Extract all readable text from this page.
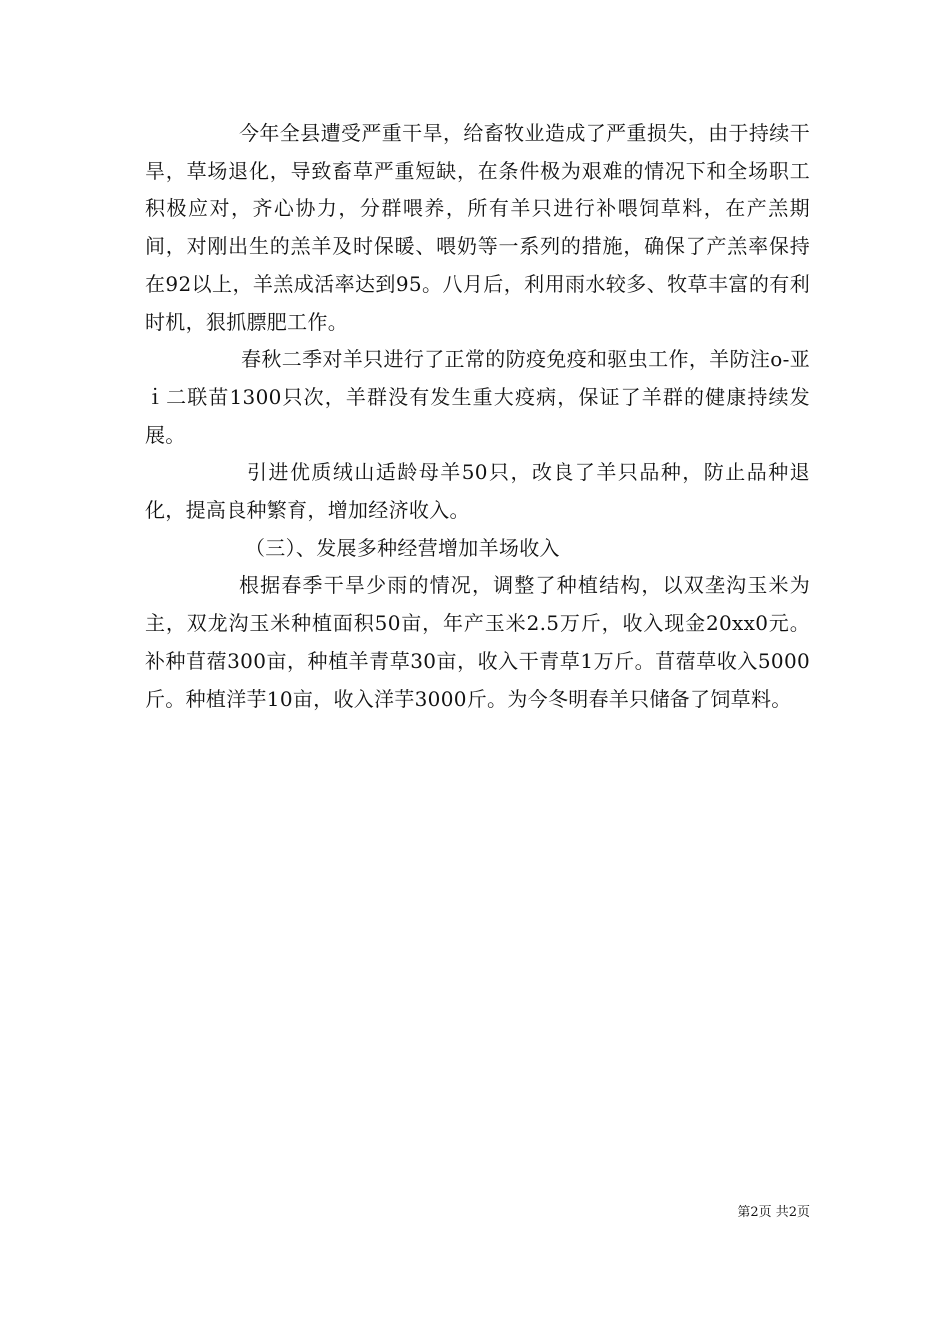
今年全县遭受严重干旱，给畜牧业造成了严重损失，由于持续干旱，草场退化，导致畜草严重短缺，在条件极为艰难的情况下和全场职工积极应对，齐心协力，分群喂养，所有羊只进行补喂饲草料，在产羔期间，对刚出生的羔羊及时保暖、喂奶等一系列的措施，确保了产羔率保持在92以上，羊羔成活率达到95。八月后，利用雨水较多、牧草丰富的有利时机，狠抓膘肥工作。

春秋二季对羊只进行了正常的防疫免疫和驱虫工作，羊防注o-亚ｉ二联苗1300只次，羊群没有发生重大疫病，保证了羊群的健康持续发展。

引进优质绒山适龄母羊50只，改良了羊只品种，防止品种退化，提高良种繁育，增加经济收入。

（三）、发展多种经营增加羊场收入

根据春季干旱少雨的情况，调整了种植结构，以双垄沟玉米为主，双龙沟玉米种植面积50亩，年产玉米2.5万斤，收入现金20xx0元。补种苜蓿300亩，种植羊青草30亩，收入干青草1万斤。苜蓿草收入5000斤。种植洋芋10亩，收入洋芋3000斤。为今冬明春羊只储备了饲草料。

第2页 共2页
